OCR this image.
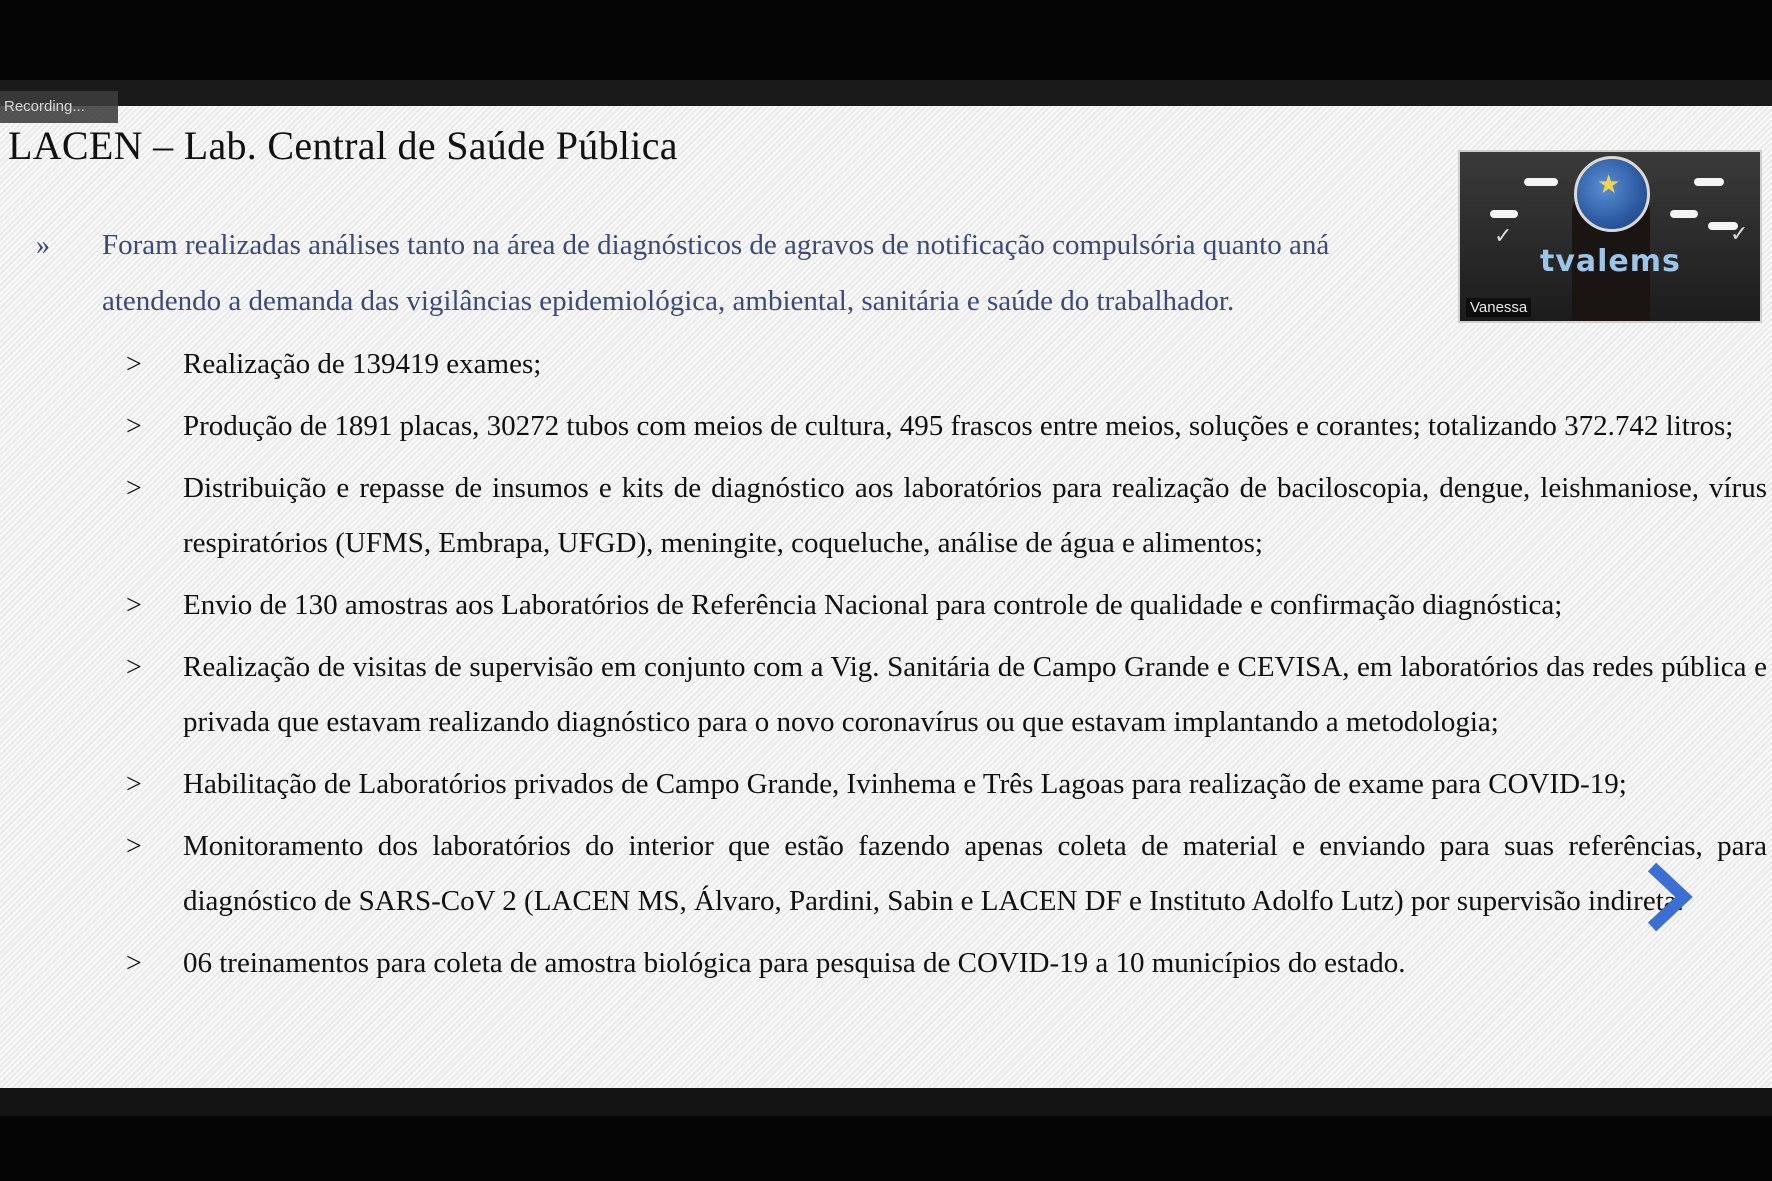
Recording...
LACEN – Lab. Central de Saúde Pública
» Foram realizadas análises tanto na área de diagnósticos de agravos de notificação compulsória quanto aná
atendendo a demanda das vigilâncias epidemiológica, ambiental, sanitária e saúde do trabalhador.
> Realização de 139419 exames;
> Produção de 1891 placas, 30272 tubos com meios de cultura, 495 frascos entre meios, soluções e corantes; totalizando 372.742 litros;
> Distribuição e repasse de insumos e kits de diagnóstico aos laboratórios para realização de baciloscopia, dengue, leishmaniose, vírus respiratórios (UFMS, Embrapa, UFGD), meningite, coqueluche, análise de água e alimentos;
> Envio de 130 amostras aos Laboratórios de Referência Nacional para controle de qualidade e confirmação diagnóstica;
> Realização de visitas de supervisão em conjunto com a Vig. Sanitária de Campo Grande e CEVISA, em laboratórios das redes pública e privada que estavam realizando diagnóstico para o novo coronavírus ou que estavam implantando a metodologia;
> Habilitação de Laboratórios privados de Campo Grande, Ivinhema e Três Lagoas para realização de exame para COVID-19;
> Monitoramento dos laboratórios do interior que estão fazendo apenas coleta de material e enviando para suas referências, para diagnóstico de SARS-CoV 2 (LACEN MS, Álvaro, Pardini, Sabin e LACEN DF e Instituto Adolfo Lutz) por supervisão indireta.
> 06 treinamentos para coleta de amostra biológica para pesquisa de COVID-19 a 10 municípios do estado.
★
✓	✓
tvalems
Vanessa
